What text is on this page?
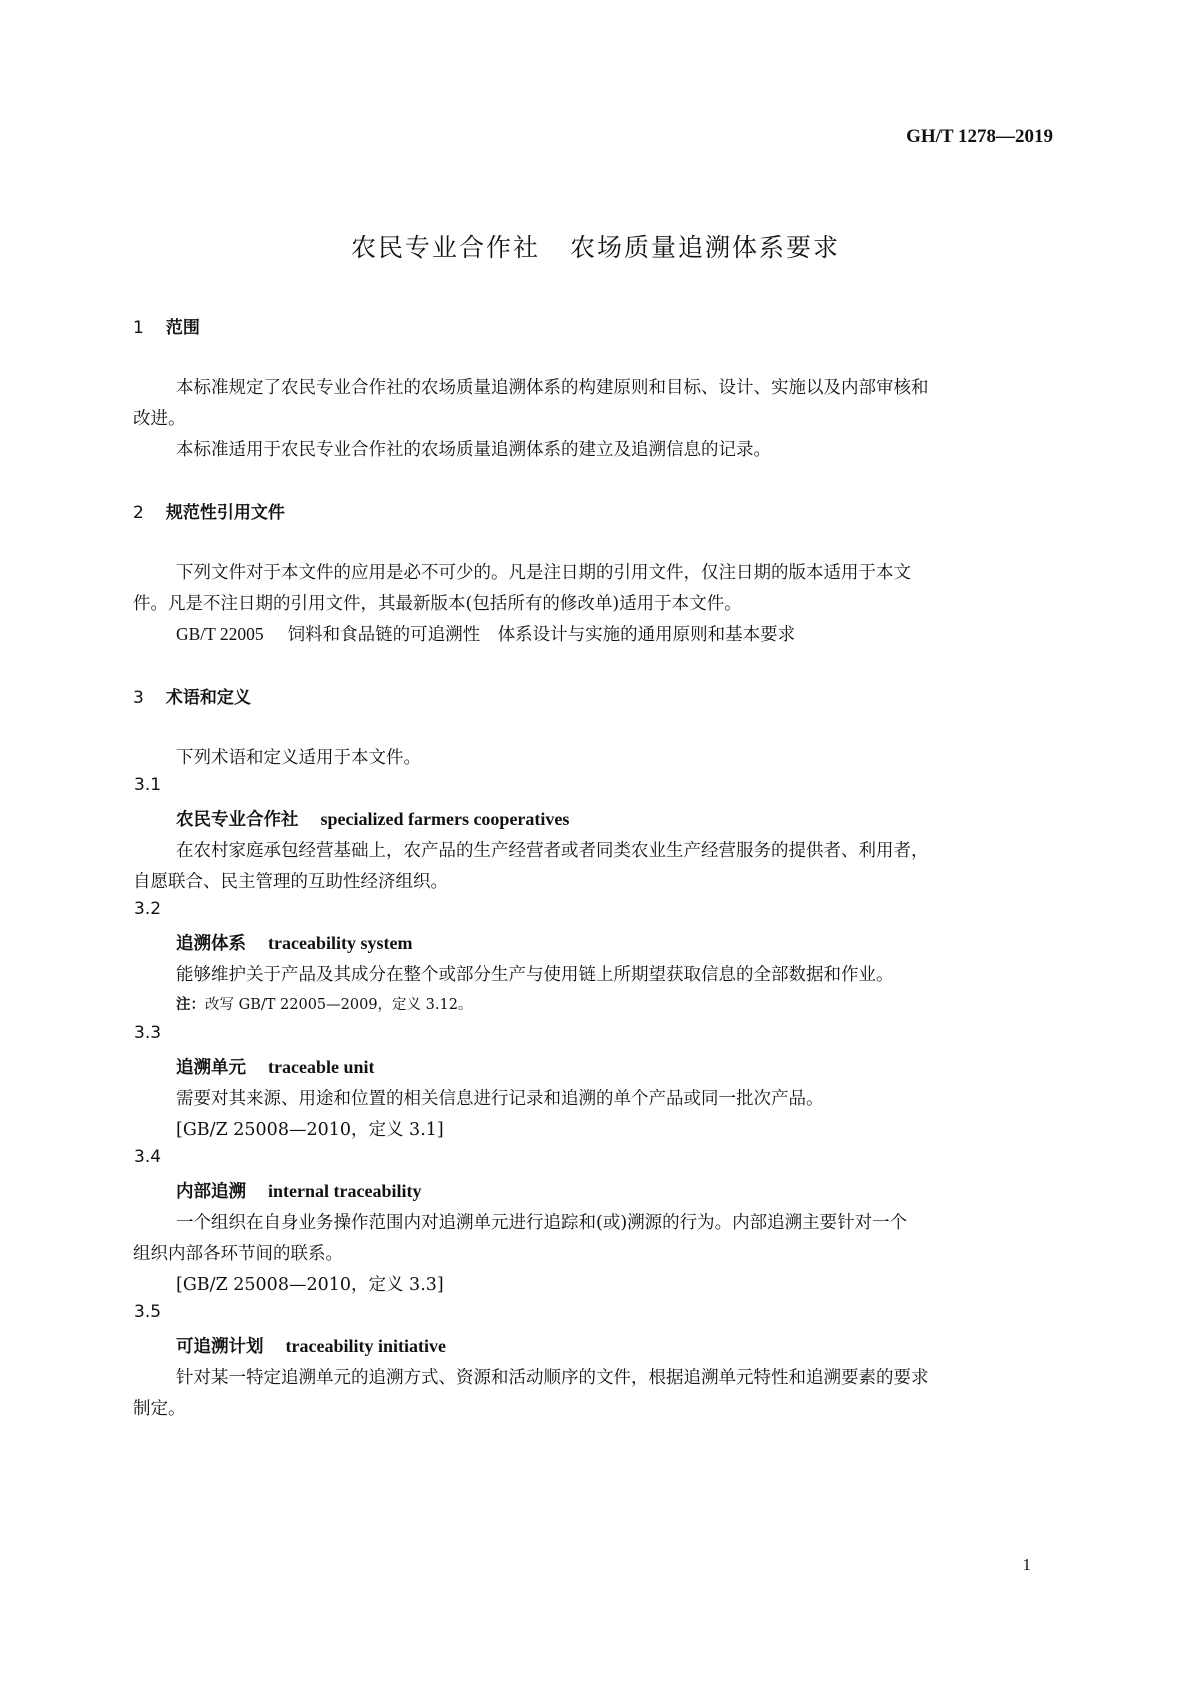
GH/T 1278—2019
农民专业合作社 农场质量追溯体系要求
1 范围
本标准规定了农民专业合作社的农场质量追溯体系的构建原则和目标、设计、实施以及内部审核和
改进。
本标准适用于农民专业合作社的农场质量追溯体系的建立及追溯信息的记录。
2 规范性引用文件
下列文件对于本文件的应用是必不可少的。凡是注日期的引用文件，仅注日期的版本适用于本文
件。凡是不注日期的引用文件，其最新版本(包括所有的修改单)适用于本文件。
GB/T 22005 饲料和食品链的可追溯性　体系设计与实施的通用原则和基本要求
3 术语和定义
下列术语和定义适用于本文件。
3.1
农民专业合作社 specialized farmers cooperatives
在农村家庭承包经营基础上，农产品的生产经营者或者同类农业生产经营服务的提供者、利用者，
自愿联合、民主管理的互助性经济组织。
3.2
追溯体系 traceability system
能够维护关于产品及其成分在整个或部分生产与使用链上所期望获取信息的全部数据和作业。
注：改写 GB/T 22005—2009，定义 3.12。
3.3
追溯单元 traceable unit
需要对其来源、用途和位置的相关信息进行记录和追溯的单个产品或同一批次产品。
[GB/Z 25008—2010，定义 3.1]
3.4
内部追溯 internal traceability
一个组织在自身业务操作范围内对追溯单元进行追踪和(或)溯源的行为。内部追溯主要针对一个
组织内部各环节间的联系。
[GB/Z 25008—2010，定义 3.3]
3.5
可追溯计划 traceability initiative
针对某一特定追溯单元的追溯方式、资源和活动顺序的文件，根据追溯单元特性和追溯要素的要求
制定。
1
